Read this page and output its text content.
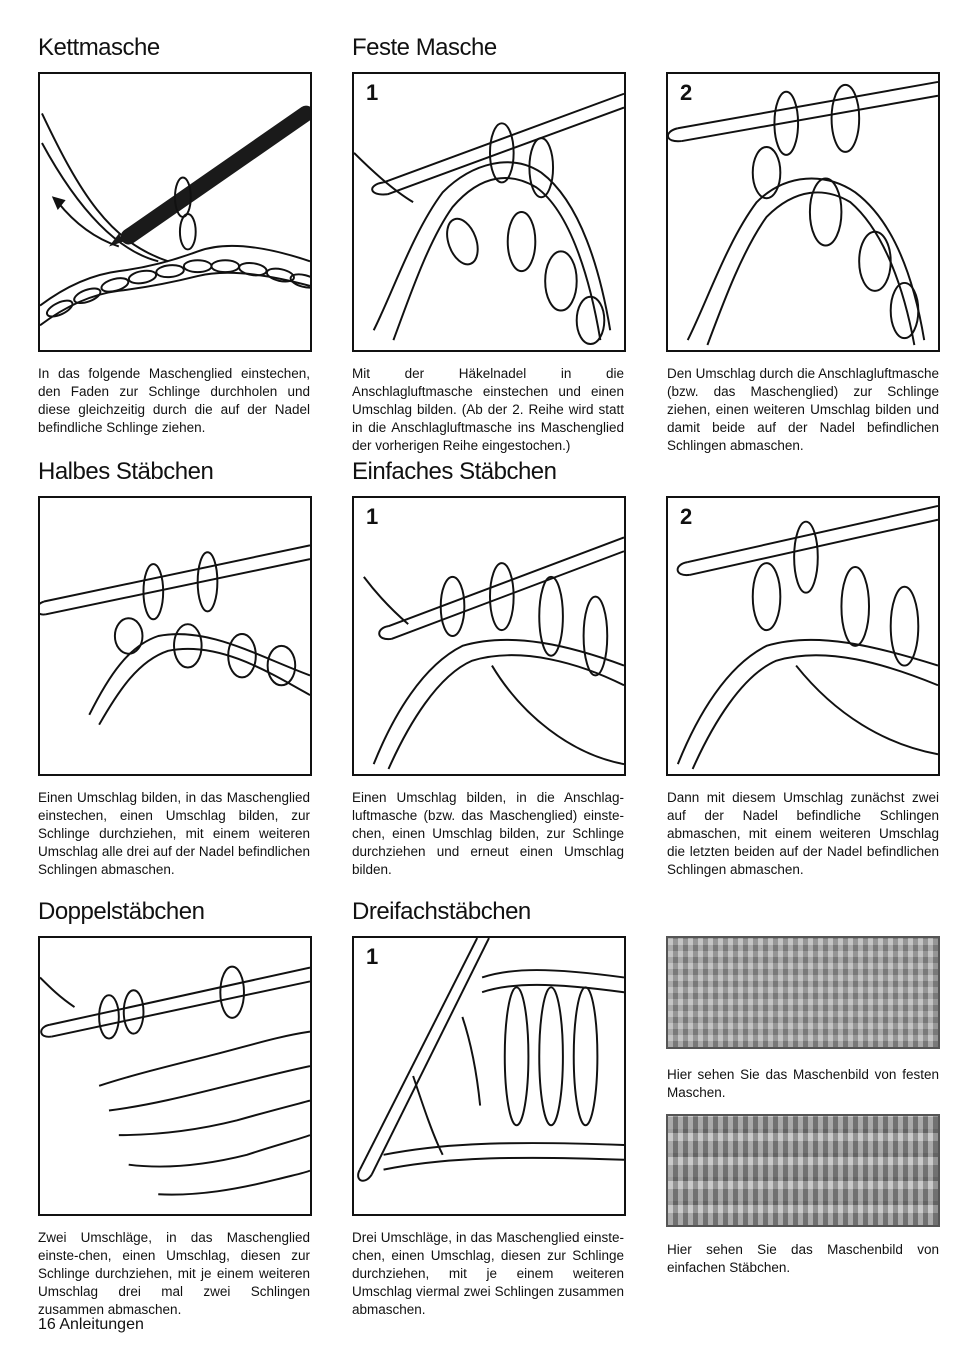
Kettmasche	Feste Masche
1	2

In das folgende Maschenglied einstechen, den Faden zur Schlinge durchholen und diese gleichzeitig durch die auf der Nadel befindliche Schlinge ziehen.

Mit der Häkelnadel in die Anschlagluftmasche einstechen und einen Umschlag bilden. (Ab der 2. Reihe wird statt in die Anschlagluftmasche ins Maschenglied der vorherigen Reihe eingestochen.)

Den Umschlag durch die Anschlagluftmasche (bzw. das Maschenglied) zur Schlinge ziehen, einen weiteren Umschlag bilden und damit beide auf der Nadel befindlichen Schlingen abmaschen.

Halbes Stäbchen	Einfaches Stäbchen
1	2

Einen Umschlag bilden, in das Maschenglied einstechen, einen Umschlag bilden, zur Schlinge durchziehen, mit einem weiteren Umschlag alle drei auf der Nadel befindlichen Schlingen abmaschen.

Einen Umschlag bilden, in die Anschlag-luftmasche (bzw. das Maschenglied) einste-chen, einen Umschlag bilden, zur Schlinge durchziehen und erneut einen Umschlag bilden.

Dann mit diesem Umschlag zunächst zwei auf der Nadel befindliche Schlingen abmaschen, mit einem weiteren Umschlag die letzten beiden auf der Nadel befindlichen Schlingen abmaschen.

Doppelstäbchen	Dreifachstäbchen
1

Hier sehen Sie das Maschenbild von festen Maschen.

Hier sehen Sie das Maschenbild von einfachen Stäbchen.

Zwei Umschläge, in das Maschenglied einste-chen, einen Umschlag, diesen zur Schlinge durchziehen, mit je einem weiteren Umschlag drei mal zwei Schlingen zusammen abmaschen.

Drei Umschläge, in das Maschenglied einste-chen, einen Umschlag, diesen zur Schlinge durchziehen, mit je einem weiteren Umschlag viermal zwei Schlingen zusammen abmaschen.

16 Anleitungen
